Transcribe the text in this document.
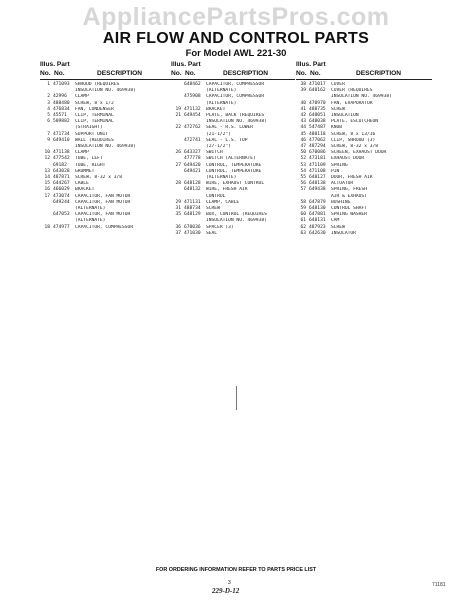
AppliancePartsPros.com
AIR FLOW AND CONTROL PARTS
For Model AWL 221-30
Illus. Part
No. No.	DESCRIPTION
1 471093	SHROUD (REQUIRES
INSULATION NO. 469938)
2 42996	CLAMP
3 488480	SCREW, 8 x 1/2
4 476834	FAN, CONDENSER
5 45571	CLIP, TERMINAL
6 509882	CLIP, TERMINAL
(STRAIGHT)
7 471734	SUPPORT UNIT
9 649410	WALL (REQUIRES
INSULATION NO. 469938)
10 471138	CLAMP
12 477542	TUBE, LEFT
69182	TUBE, RIGHT
13 643028	GROMMET
14 487871	SCREW, 8-32 x 3/8
15 644267	CABLE
16 466029	BRACKET
17 473074	CAPACITOR, FAN MOTOR
649244	CAPACITOR, FAN MOTOR
(ALTERNATE)
647053	CAPACITOR, FAN MOTOR
(ALTERNATE)
18 474977	CAPACITOR, COMPRESSOR
Illus. Part
No. No.	DESCRIPTION
648462	CAPACITOR, COMPRESSOR
(ALTERNATE)
475908	CAPACITOR, COMPRESSOR
(ALTERNATE)
19 471132	BRACKET
21 649454	PLATE, BACK (REQUIRES
INSULATION NO. 469938)
22 472762	SEAL - R.S. LOWER
(21-1/2")
472741	SEAL - L.S. TOP
(27-1/2")
26 643327	SWITCH
477778	SWITCH (ALTERNATE)
27 649420	CONTROL, TEMPERATURE
649421	CONTROL, TEMPERATURE
(ALTERNATE)
28 648128	WIRE, EXHAUST CONTROL
648132	WIRE, FRESH AIR
CONTROL
29 471131	CLAMP, CABLE
31 488734	SCREW
35 648129	BOX, CONTROL (REQUIRES
INSULATION NO. 469938)
36 670036	SPACER (3)
37 471030	SEAL
Illus. Part
No. No.	DESCRIPTION
38 471017	COVER
39 648162	COVER (REQUIRES
INSULATION NO. 469938)
40 470970	FAN, EVAPORATOR
41 488735	SCREW
42 648051	INSULATION
43 648038	PLATE, ESCUTCHEON
44 547487	KNOB
45 488118	SCREW, 8 x 13/16
46 477062	CLIP, SHROUD (3)
47 487294	SCREW, 8-32 x 3/8
50 670086	SCREEN, EXHAUST DOOR
52 473181	EXHAUST DOOR
53 471109	SPRING
54 471108	PIN
55 648127	DOOR, FRESH AIR
56 648138	ACTUATOR
57 649438	SPRING, FRESH
AIR & EXHAUST
58 647879	BUSHING
59 648130	CONTROL SHAFT
60 647881	SPRING WASHER
61 648131	CAM
62 487923	SCREW
63 642630	INSULATOR
FOR ORDERING INFORMATION REFER TO PARTS PRICE LIST
3
229-D-12
71181
